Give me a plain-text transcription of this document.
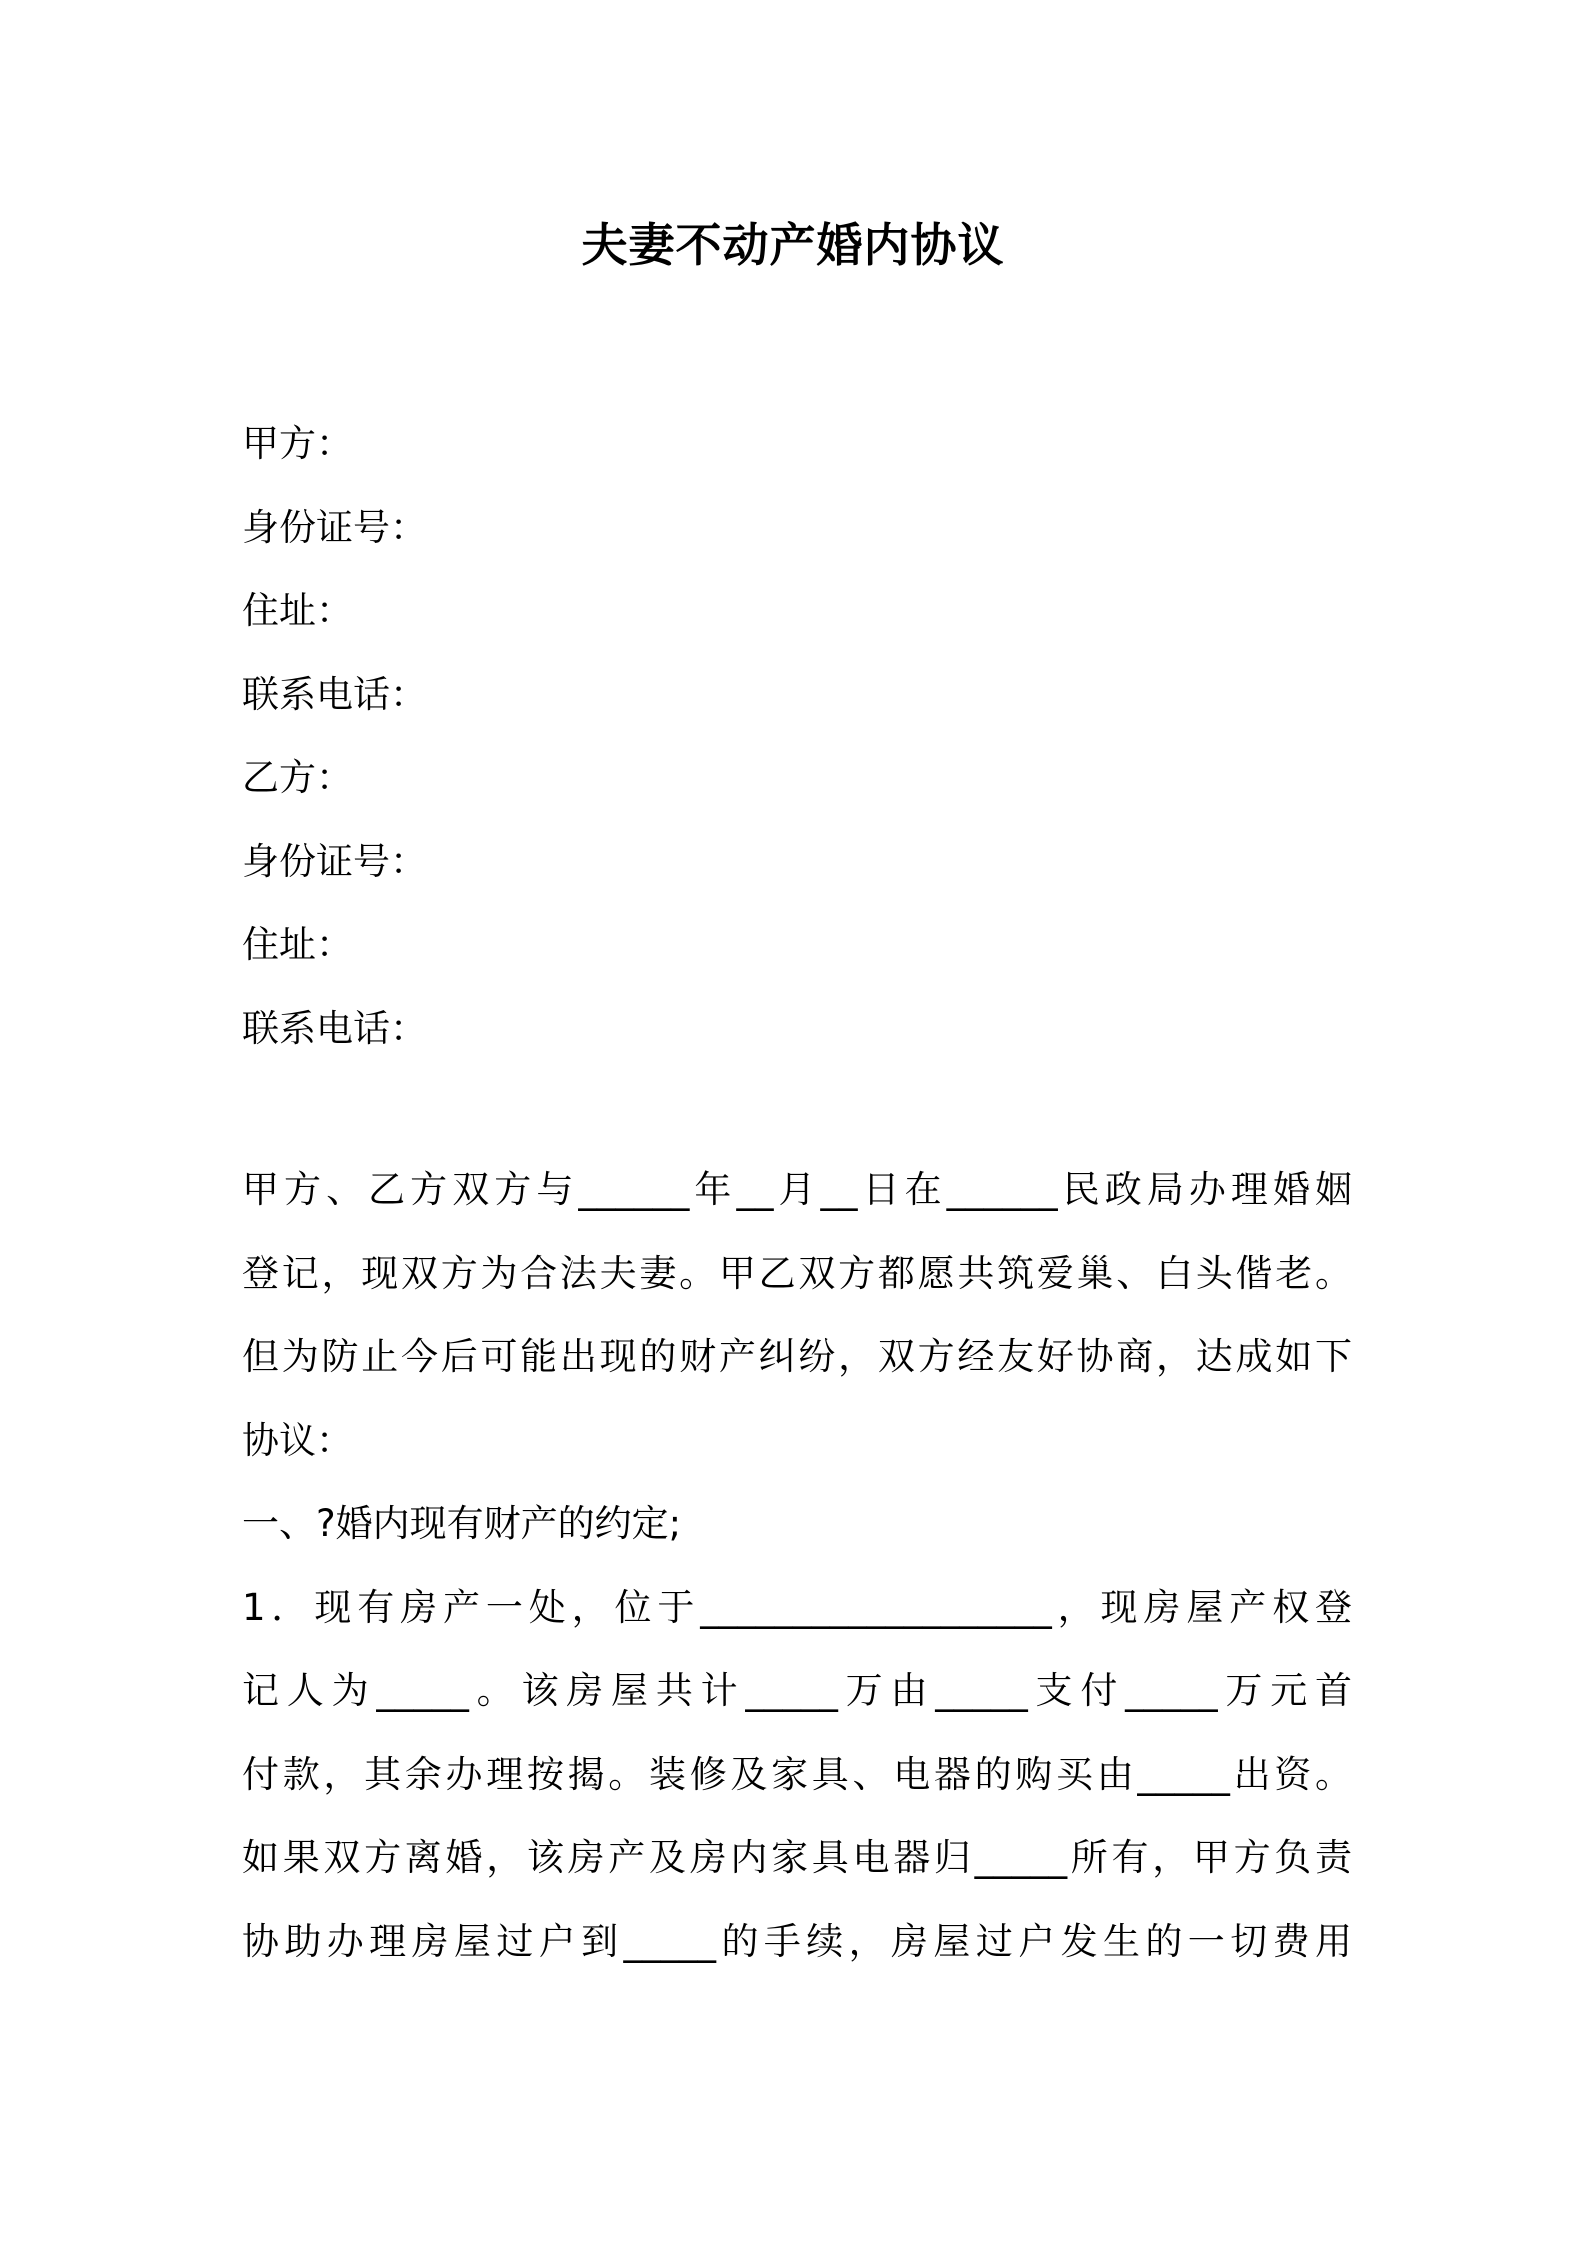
夫妻不动产婚内协议
甲方：
身份证号：
住址：
联系电话：
乙方：
身份证号：
住址：
联系电话：
甲方、乙方双方与______年__月__日在______民政局办理婚姻
登记，现双方为合法夫妻。甲乙双方都愿共筑爱巢、白头偕老。
但为防止今后可能出现的财产纠纷，双方经友好协商，达成如下
协议：
一、?婚内现有财产的约定;
1．现有房产一处，位于___________________，现房屋产权登
记人为_____。该房屋共计_____万由_____支付_____万元首
付款，其余办理按揭。装修及家具、电器的购买由_____出资。
如果双方离婚，该房产及房内家具电器归_____所有，甲方负责
协助办理房屋过户到_____的手续，房屋过户发生的一切费用
